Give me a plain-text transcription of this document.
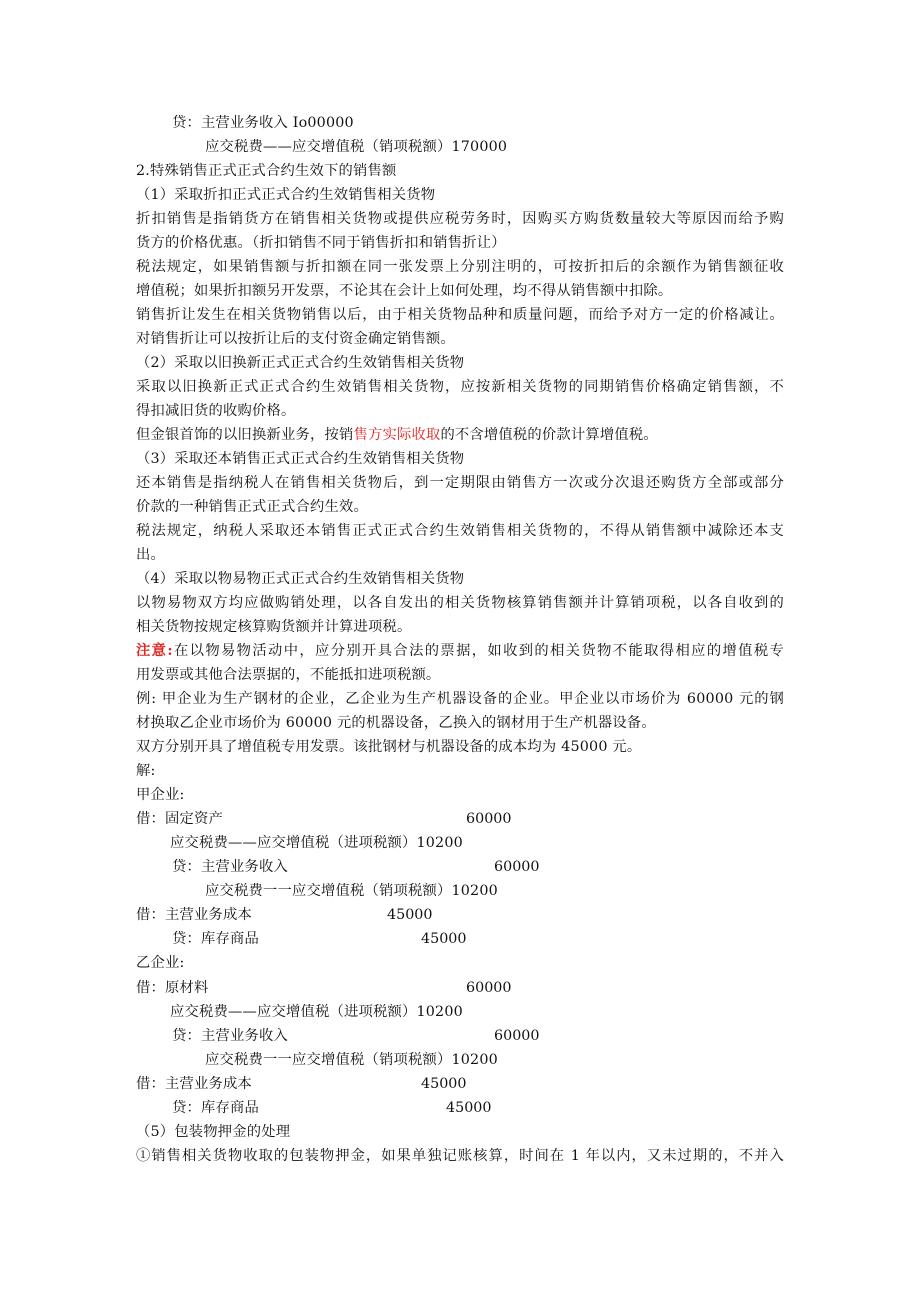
贷：主营业务收入 Io00000
应交税费——应交增值税（销项税额）170000
2.特殊销售正式正式合约生效下的销售额
（1）采取折扣正式正式合约生效销售相关货物
折扣销售是指销货方在销售相关货物或提供应税劳务时，因购买方购货数量较大等原因而给予购
货方的价格优惠。（折扣销售不同于销售折扣和销售折让）
税法规定，如果销售额与折扣额在同一张发票上分别注明的，可按折扣后的余额作为销售额征收
增值税；如果折扣额另开发票，不论其在会计上如何处理，均不得从销售额中扣除。
销售折让发生在相关货物销售以后，由于相关货物品种和质量问题，而给予对方一定的价格减让。
对销售折让可以按折让后的支付资金确定销售额。
（2）采取以旧换新正式正式合约生效销售相关货物
采取以旧换新正式正式合约生效销售相关货物，应按新相关货物的同期销售价格确定销售额，不
得扣减旧货的收购价格。
但金银首饰的以旧换新业务，按销售方实际收取的不含增值税的价款计算增值税。
（3）采取还本销售正式正式合约生效销售相关货物
还本销售是指纳税人在销售相关货物后，到一定期限由销售方一次或分次退还购货方全部或部分
价款的一种销售正式正式合约生效。
税法规定，纳税人采取还本销售正式正式合约生效销售相关货物的，不得从销售额中减除还本支
出。
（4）采取以物易物正式正式合约生效销售相关货物
以物易物双方均应做购销处理，以各自发出的相关货物核算销售额并计算销项税，以各自收到的
相关货物按规定核算购货额并计算进项税。
注意:在以物易物活动中，应分别开具合法的票据，如收到的相关货物不能取得相应的增值税专
用发票或其他合法票据的，不能抵扣进项税额。
例: 甲企业为生产钢材的企业，乙企业为生产机器设备的企业。甲企业以市场价为 60000 元的钢
材换取乙企业市场价为 60000 元的机器设备，乙换入的钢材用于生产机器设备。
双方分别开具了增值税专用发票。该批钢材与机器设备的成本均为 45000 元。
解:
甲企业:
借：固定资产	60000
应交税费——应交增值税（进项税额）10200
贷：主营业务收入	60000
应交税费一一应交增值税（销项税额）10200
借：主营业务成本	45000
贷：库存商品	45000
乙企业:
借：原材料	60000
应交税费——应交增值税（进项税额）10200
贷：主营业务收入	60000
应交税费一一应交增值税（销项税额）10200
借：主营业务成本	45000
贷：库存商品	45000
（5）包装物押金的处理
①销售相关货物收取的包装物押金，如果单独记账核算，时间在 1 年以内，又未过期的，不并入
